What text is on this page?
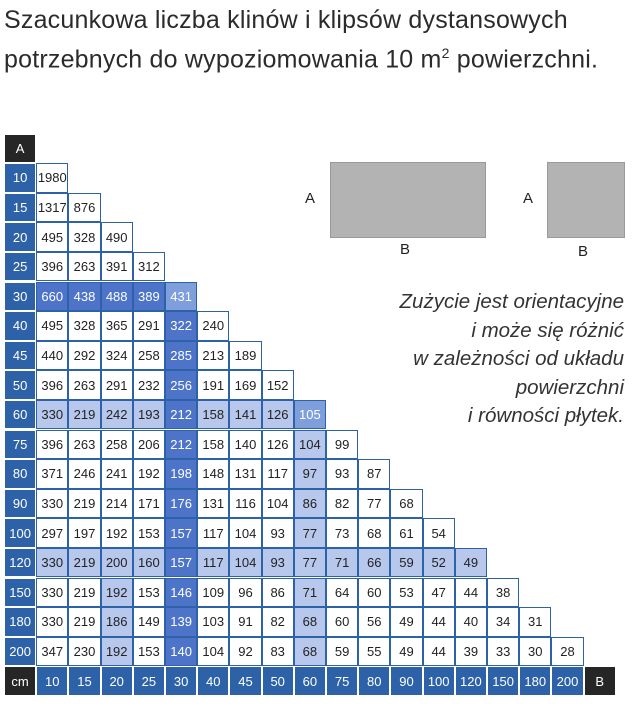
Szacunkowa liczba klinów i klipsów dystansowych
potrzebnych do wypoziomowania 10 $m^2$ powierzchni.
A
10 1980
15 1317 876
20	495 328 490
25	396 263 391 312
30	660 438 488 389 431
40	495 328 365 291 322 240
45	440 292 324 258 285 213 189
50	396 263 291 232 256 191 169 152
60	330 219 242 193 212 158 141 126 105
75	396 263 258 206 212 158 140 126 104	99
80	371 246 241 192 198 148 131 117	97	93	87
90	330 219 214 171 176 131 116 104	86	82	77	68
100 297 197 192 153 157 117 104	93	77	73	68	61	54
120 330 219 200 160 157 117 104	93	77	71	66	59	52	49
150 330 219 192 153 146 109	96	86	71	64	60	53	47	44	38
180 330 219 186 149 139 103	91	82	68	60	56	49	44	40	34	31
200 347 230 192 153 140 104	92	83	68	59	55	49	44	39	33	30	28
cm	10	15	20	25	30	40	45	50	60	75	80	90	100 120 150 180 200	B
A
B
A
B
Zużycie jest orientacyjne
i może się różnić
w zależności od układu
powierzchni
i równości płytek.
